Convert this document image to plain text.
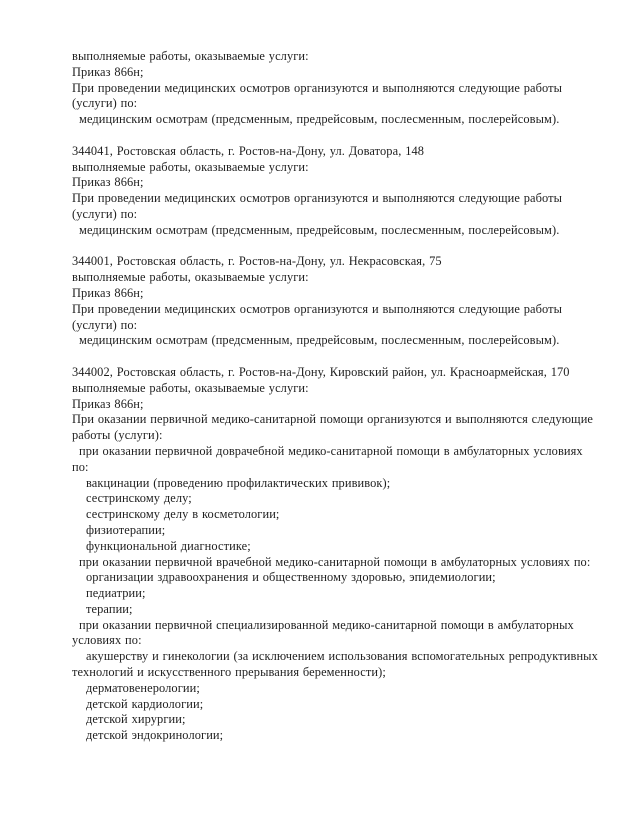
выполняемые работы, оказываемые услуги:
Приказ 866н;
При проведении медицинских осмотров организуются и выполняются следующие работы
(услуги) по:
медицинским осмотрам (предсменным, предрейсовым, послесменным, послерейсовым).

344041, Ростовская область, г. Ростов-на-Дону, ул. Доватора, 148
выполняемые работы, оказываемые услуги:
Приказ 866н;
При проведении медицинских осмотров организуются и выполняются следующие работы
(услуги) по:
медицинским осмотрам (предсменным, предрейсовым, послесменным, послерейсовым).

344001, Ростовская область, г. Ростов-на-Дону, ул. Некрасовская, 75
выполняемые работы, оказываемые услуги:
Приказ 866н;
При проведении медицинских осмотров организуются и выполняются следующие работы
(услуги) по:
медицинским осмотрам (предсменным, предрейсовым, послесменным, послерейсовым).

344002, Ростовская область, г. Ростов-на-Дону, Кировский район, ул. Красноармейская, 170
выполняемые работы, оказываемые услуги:
Приказ 866н;
При оказании первичной медико-санитарной помощи организуются и выполняются следующие
работы (услуги):
при оказании первичной доврачебной медико-санитарной помощи в амбулаторных условиях
по:
вакцинации (проведению профилактических прививок);
сестринскому делу;
сестринскому делу в косметологии;
физиотерапии;
функциональной диагностике;
при оказании первичной врачебной медико-санитарной помощи в амбулаторных условиях по:
организации здравоохранения и общественному здоровью, эпидемиологии;
педиатрии;
терапии;
при оказании первичной специализированной медико-санитарной помощи в амбулаторных
условиях по:
акушерству и гинекологии (за исключением использования вспомогательных репродуктивных
технологий и искусственного прерывания беременности);
дерматовенерологии;
детской кардиологии;
детской хирургии;
детской эндокринологии;
